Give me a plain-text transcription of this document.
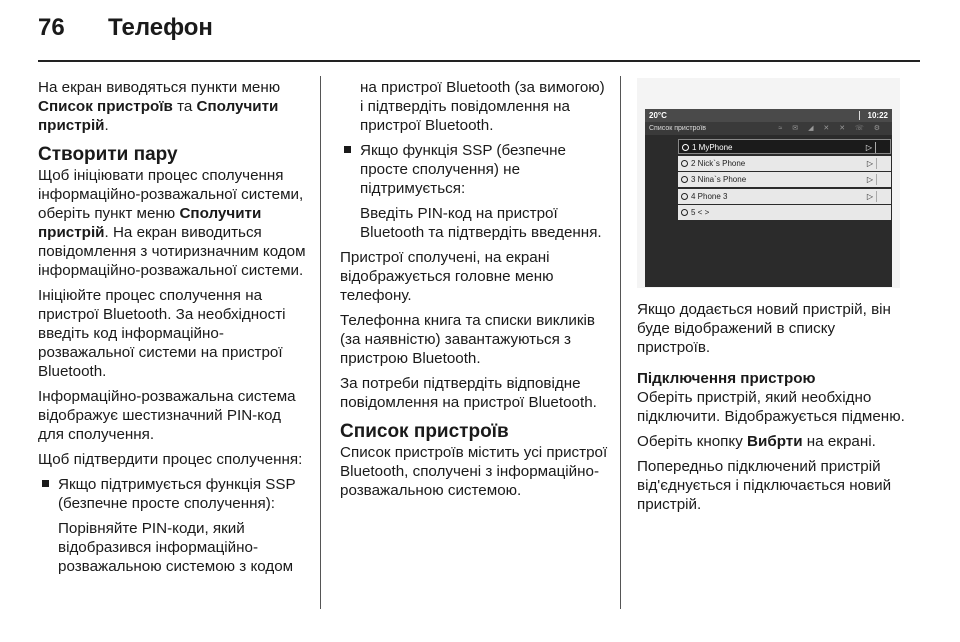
76 Телефон

На екран виводяться пункти меню
Список пристроїв та Сполучити
пристрій.

Створити пару

Щоб ініціювати процес сполучення інформаційно-розважальної системи, оберіть пункт меню Сполучити пристрій. На екран виводиться повідомлення з чотиризначним кодом інформаційно-розважальної системи.

Ініціюйте процес сполучення на пристрої Bluetooth. За необхідності введіть код інформаційно-розважальної системи на пристрої Bluetooth.

Інформаційно-розважальна система відображує шестизначний PIN-код для сполучення.

Щоб підтвердити процес сполучення:

Якщо підтримується функція SSP (безпечне просте сполучення):

Порівняйте PIN-коди, який відобразився інформаційно-розважальною системою з кодом

на пристрої Bluetooth (за вимогою) і підтвердіть повідомлення на пристрої Bluetooth.

Якщо функція SSP (безпечне просте сполучення) не підтримується:

Введіть PIN-код на пристрої Bluetooth та підтвердіть введення.

Пристрої сполучені, на екрані відображується головне меню телефону.

Телефонна книга та списки викликів (за наявністю) завантажуються з пристрою Bluetooth.

За потреби підтвердіть відповідне повідомлення на пристрої Bluetooth.

Список пристроїв

Список пристроїв містить усі пристрої Bluetooth, сполучені з інформаційно-розважальною системою.

20°C	10:22
Список пристроїв	≈ ✉ ◢ ✕ ✕ ☏ ⚙
1 MyPhone	▷
2 Nick`s Phone	▷
3 Nina`s Phone	▷
4 Phone 3	▷
5 < >

Якщо додається новий пристрій, він буде відображений в списку пристроїв.

Підключення пристрою

Оберіть пристрій, який необхідно підключити. Відображується підменю.

Оберіть кнопку Вибрти на екрані.

Попередньо підключений пристрій від'єднується і підключається новий пристрій.
